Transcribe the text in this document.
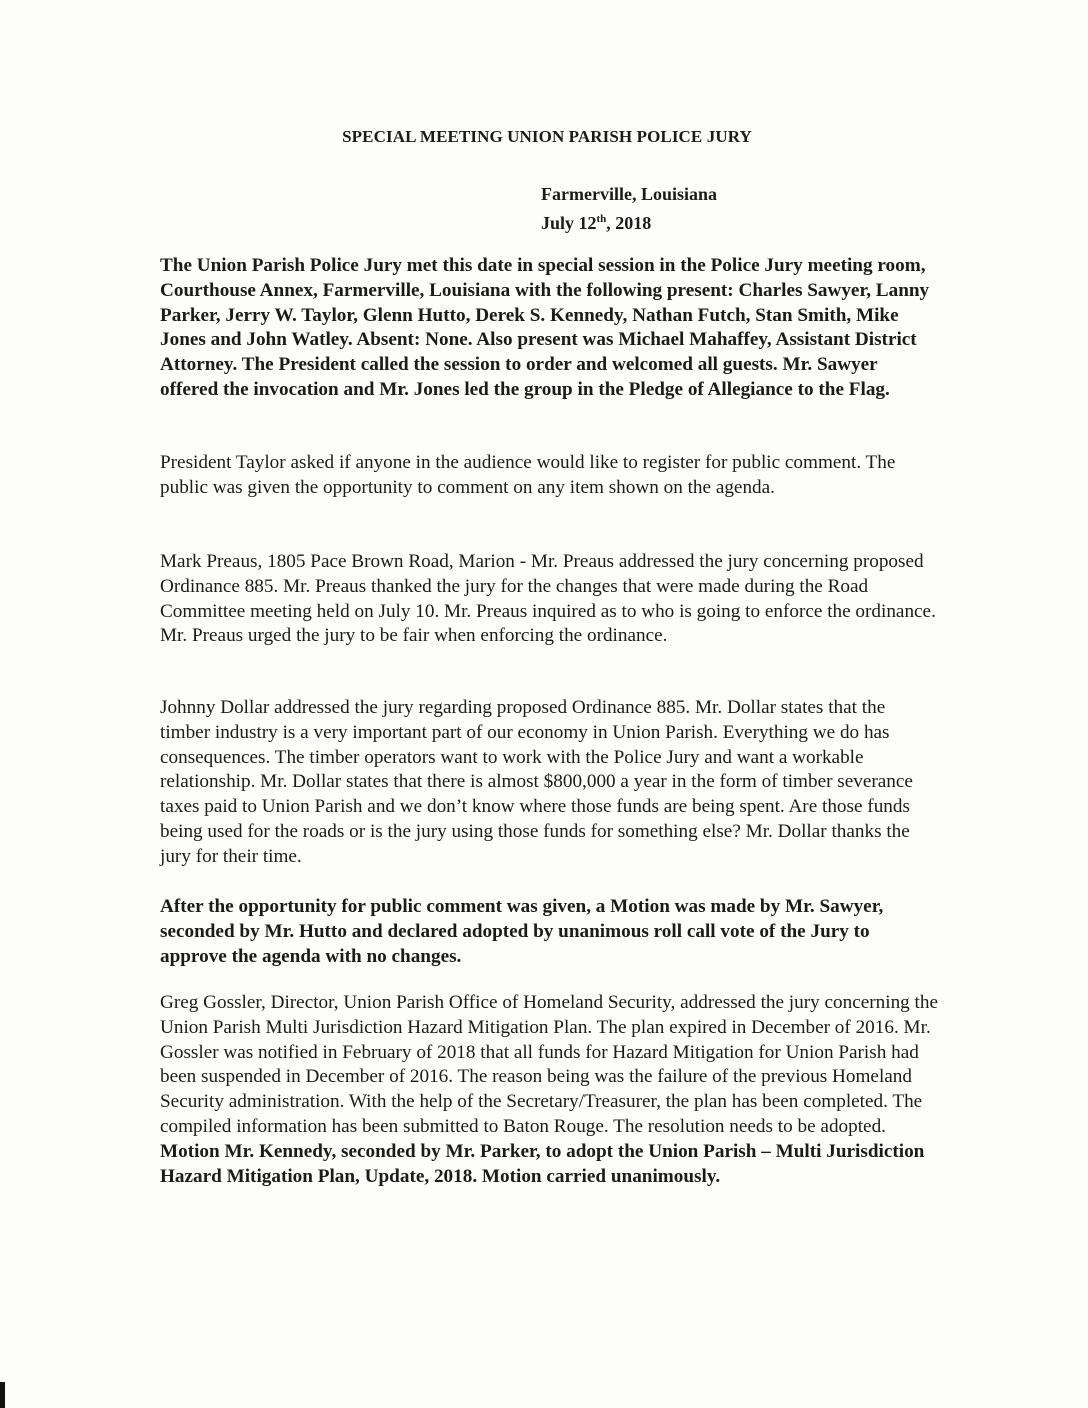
SPECIAL MEETING UNION PARISH POLICE JURY
Farmerville, Louisiana
July 12th, 2018
The Union Parish Police Jury met this date in special session in the Police Jury meeting room, Courthouse Annex, Farmerville, Louisiana with the following present: Charles Sawyer, Lanny Parker, Jerry W. Taylor, Glenn Hutto, Derek S. Kennedy, Nathan Futch, Stan Smith, Mike Jones and John Watley. Absent: None. Also present was Michael Mahaffey, Assistant District Attorney. The President called the session to order and welcomed all guests. Mr. Sawyer offered the invocation and Mr. Jones led the group in the Pledge of Allegiance to the Flag.
President Taylor asked if anyone in the audience would like to register for public comment. The public was given the opportunity to comment on any item shown on the agenda.
Mark Preaus, 1805 Pace Brown Road, Marion - Mr. Preaus addressed the jury concerning proposed Ordinance 885. Mr. Preaus thanked the jury for the changes that were made during the Road Committee meeting held on July 10. Mr. Preaus inquired as to who is going to enforce the ordinance. Mr. Preaus urged the jury to be fair when enforcing the ordinance.
Johnny Dollar addressed the jury regarding proposed Ordinance 885. Mr. Dollar states that the timber industry is a very important part of our economy in Union Parish. Everything we do has consequences. The timber operators want to work with the Police Jury and want a workable relationship. Mr. Dollar states that there is almost $800,000 a year in the form of timber severance taxes paid to Union Parish and we don’t know where those funds are being spent. Are those funds being used for the roads or is the jury using those funds for something else? Mr. Dollar thanks the jury for their time.
After the opportunity for public comment was given, a Motion was made by Mr. Sawyer, seconded by Mr. Hutto and declared adopted by unanimous roll call vote of the Jury to approve the agenda with no changes.
Greg Gossler, Director, Union Parish Office of Homeland Security, addressed the jury concerning the Union Parish Multi Jurisdiction Hazard Mitigation Plan. The plan expired in December of 2016. Mr. Gossler was notified in February of 2018 that all funds for Hazard Mitigation for Union Parish had been suspended in December of 2016. The reason being was the failure of the previous Homeland Security administration. With the help of the Secretary/Treasurer, the plan has been completed. The compiled information has been submitted to Baton Rouge. The resolution needs to be adopted. Motion Mr. Kennedy, seconded by Mr. Parker, to adopt the Union Parish – Multi Jurisdiction Hazard Mitigation Plan, Update, 2018. Motion carried unanimously.
